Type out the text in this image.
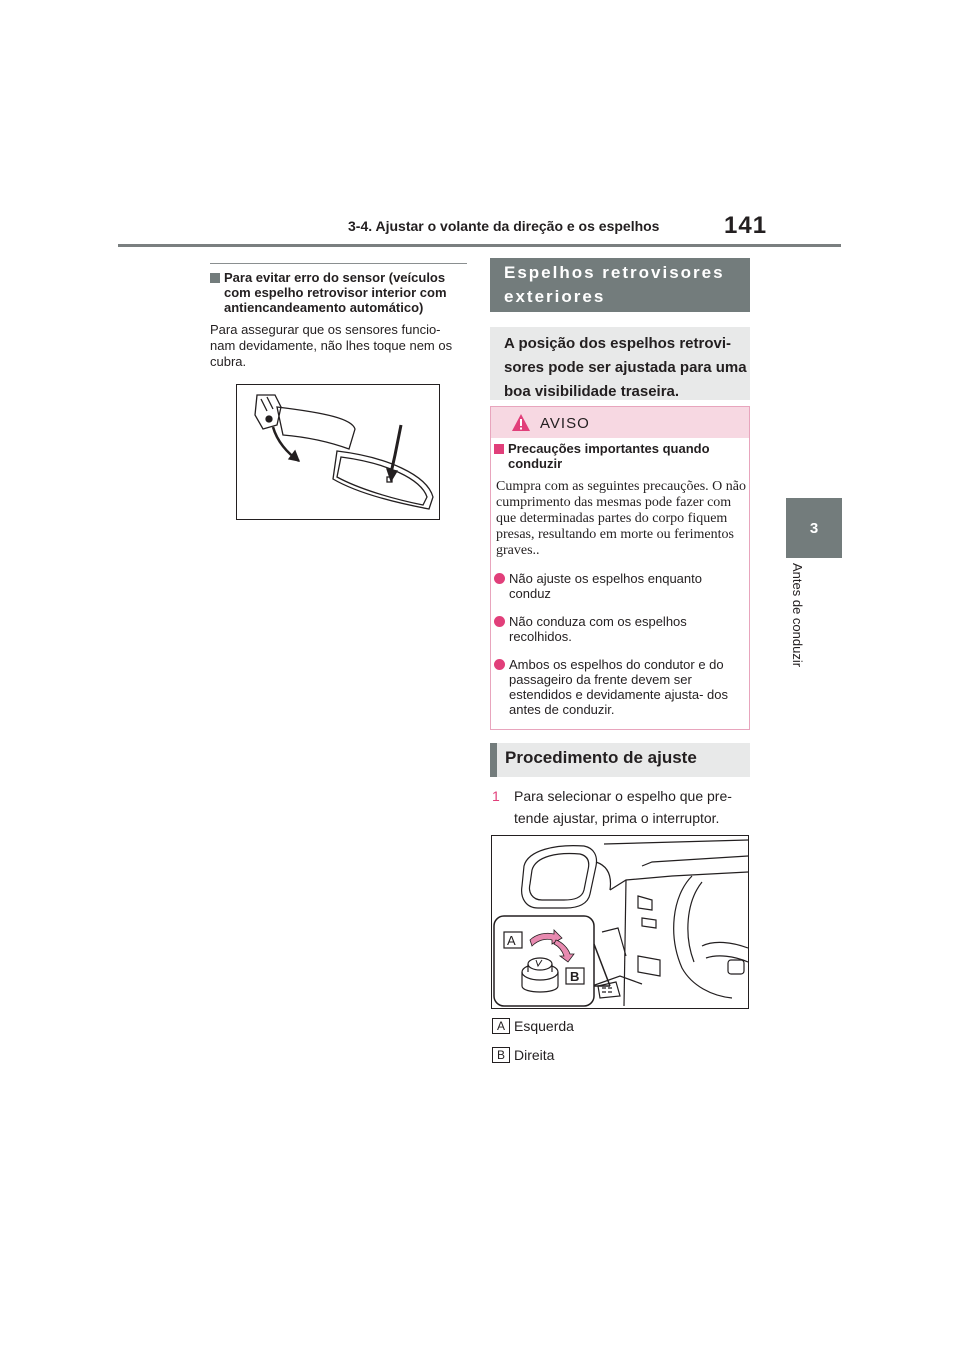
3-4. Ajustar o volante da direção e os espelhos	141
3
Antes de conduzir
Para evitar erro do sensor (veículos com espelho retrovisor interior com antiencandeamento automático)
Para assegurar que os sensores funcio- nam devidamente, não lhes toque nem os cubra.
Espelhos retrovisores exteriores
A posição dos espelhos retrovi- sores pode ser ajustada para uma boa visibilidade traseira.
AVISO
Precauções importantes quando conduzir
Cumpra com as seguintes precauções. O não cumprimento das mesmas pode fazer com que determinadas partes do corpo fiquem presas, resultando em morte ou ferimentos graves..
Não ajuste os espelhos enquanto conduz
Não conduza com os espelhos recolhidos.
Ambos os espelhos do condutor e do passageiro da frente devem ser estendidos e devidamente ajusta- dos antes de conduzir.
Procedimento de ajuste
1 Para selecionar o espelho que pre- tende ajustar, prima o interruptor.
A
B
A Esquerda
B Direita
